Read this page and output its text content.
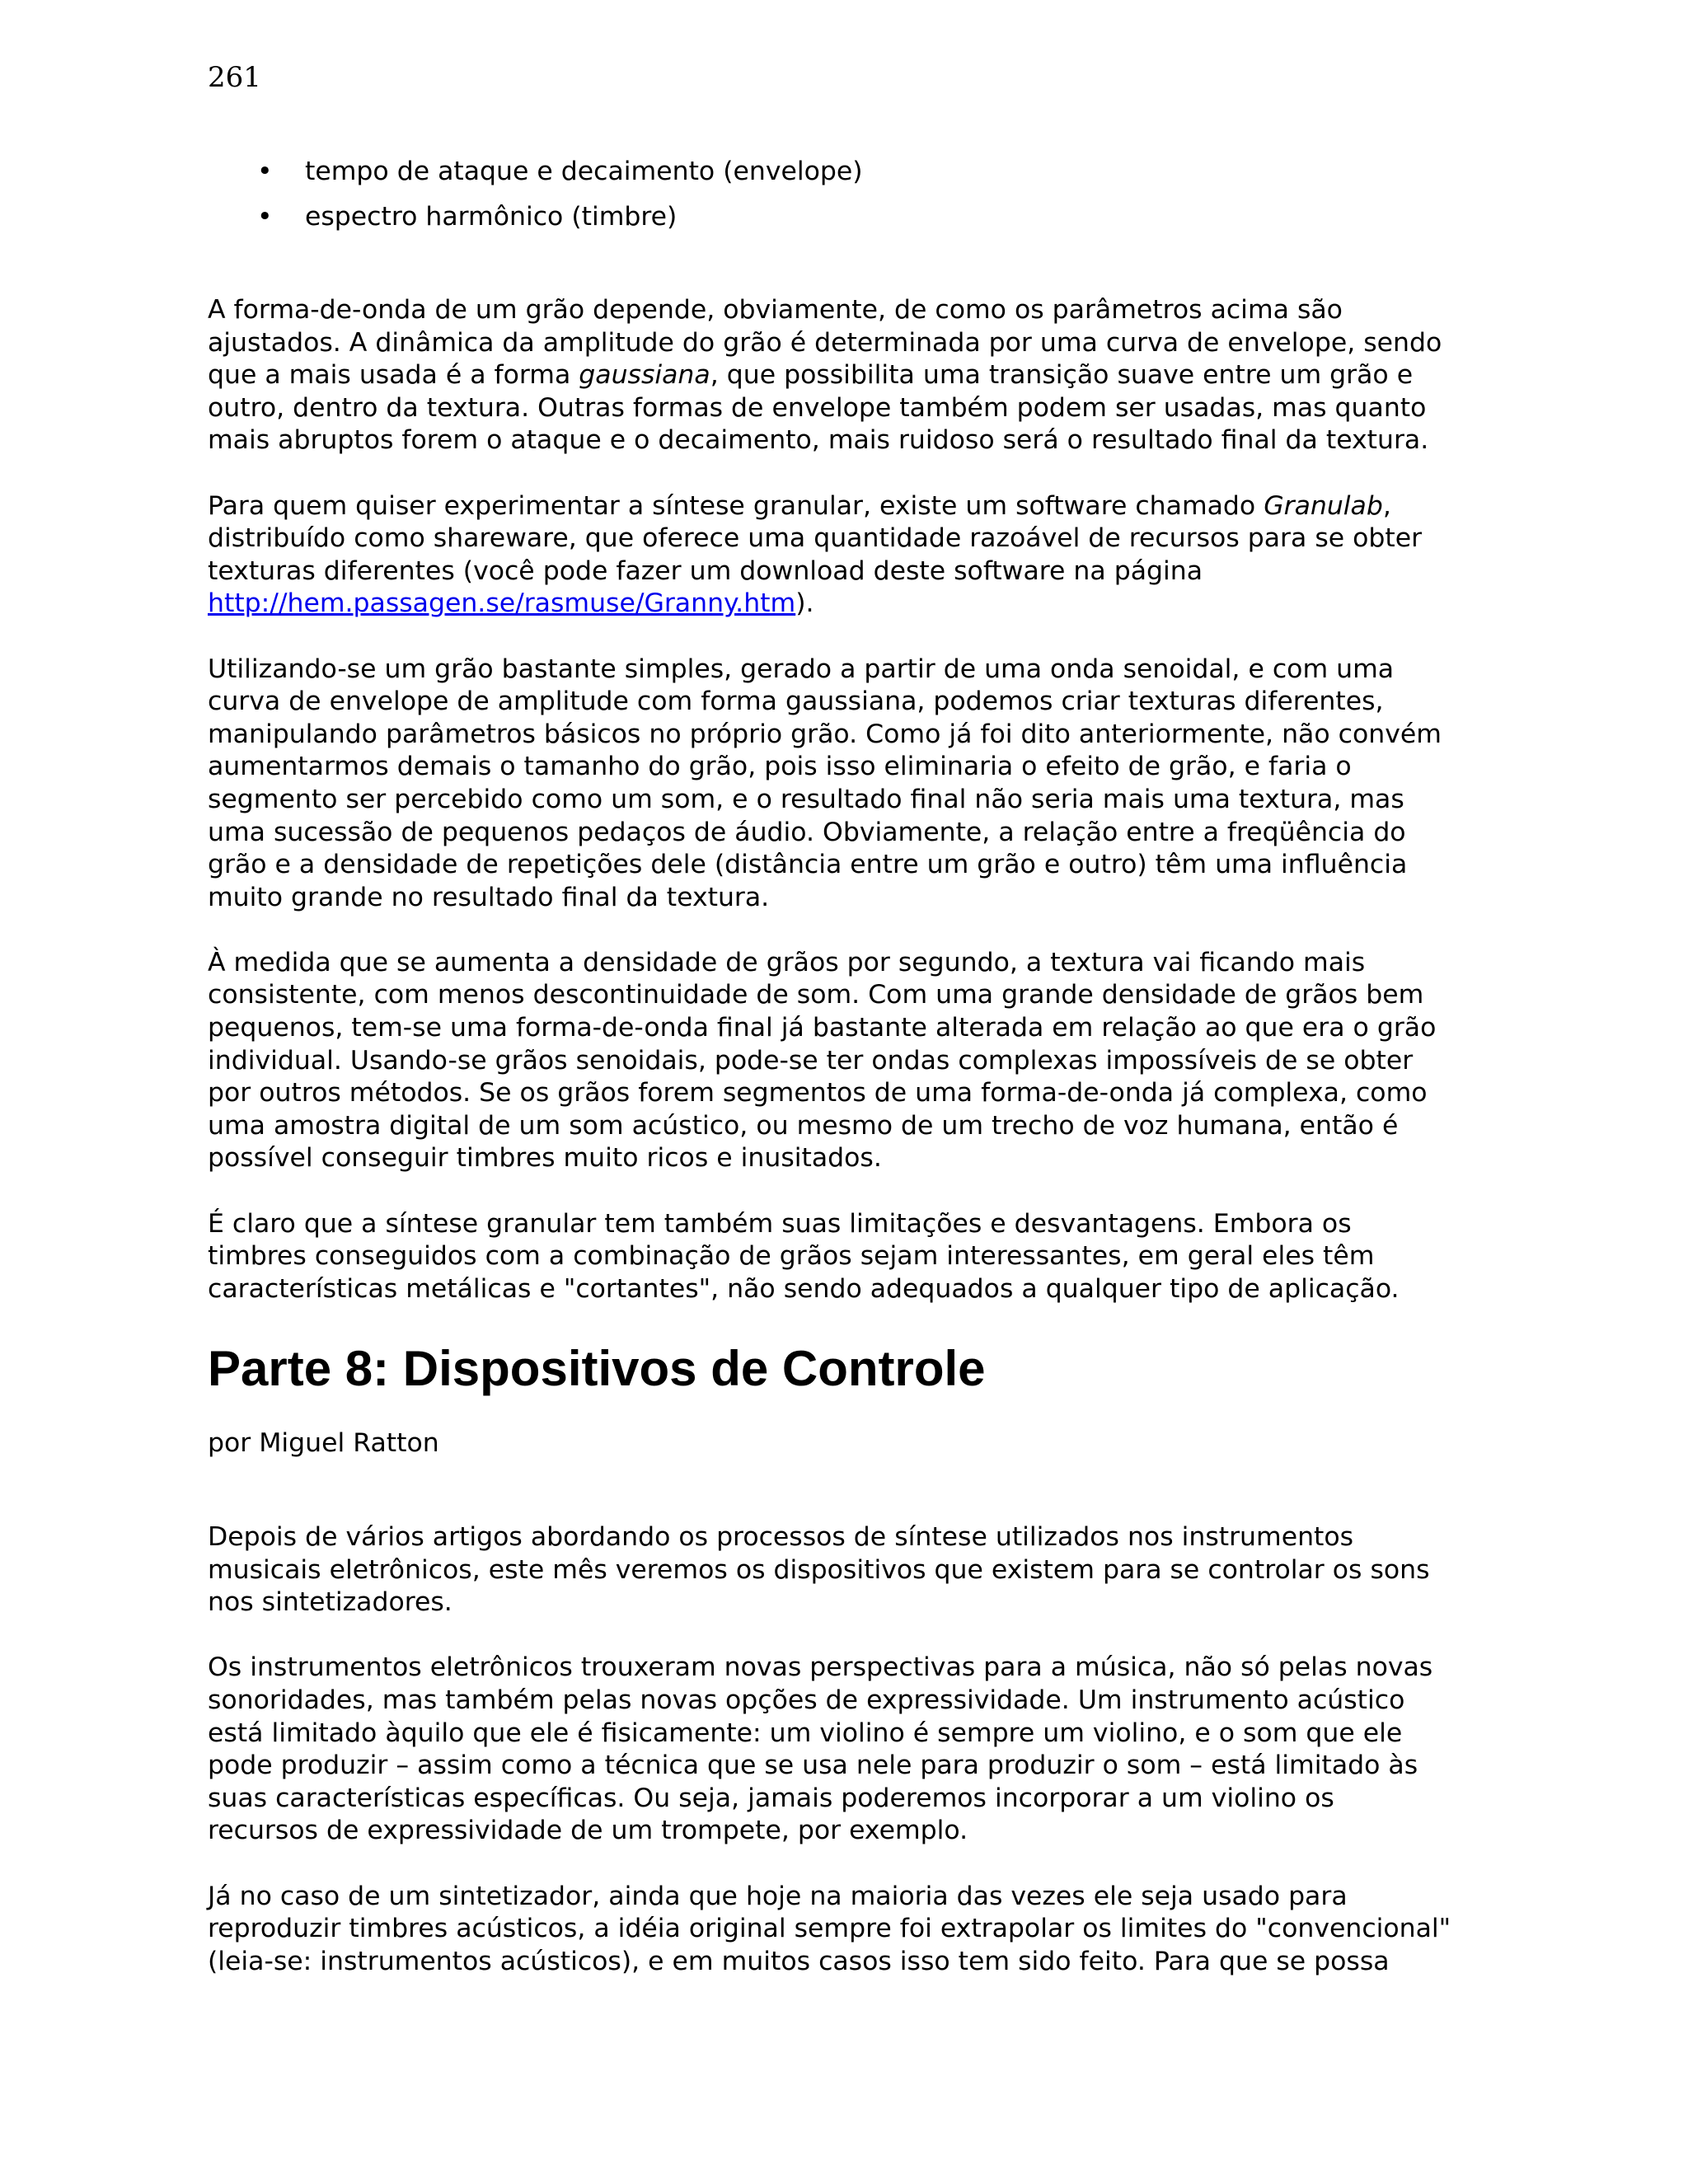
261
• tempo de ataque e decaimento (envelope)
• espectro harmônico (timbre)

A forma-de-onda de um grão depende, obviamente, de como os parâmetros acima são
ajustados. A dinâmica da amplitude do grão é determinada por uma curva de envelope, sendo
que a mais usada é a forma gaussiana, que possibilita uma transição suave entre um grão e
outro, dentro da textura. Outras formas de envelope também podem ser usadas, mas quanto
mais abruptos forem o ataque e o decaimento, mais ruidoso será o resultado final da textura.

Para quem quiser experimentar a síntese granular, existe um software chamado Granulab,
distribuído como shareware, que oferece uma quantidade razoável de recursos para se obter
texturas diferentes (você pode fazer um download deste software na página
http://hem.passagen.se/rasmuse/Granny.htm).

Utilizando-se um grão bastante simples, gerado a partir de uma onda senoidal, e com uma
curva de envelope de amplitude com forma gaussiana, podemos criar texturas diferentes,
manipulando parâmetros básicos no próprio grão. Como já foi dito anteriormente, não convém
aumentarmos demais o tamanho do grão, pois isso eliminaria o efeito de grão, e faria o
segmento ser percebido como um som, e o resultado final não seria mais uma textura, mas
uma sucessão de pequenos pedaços de áudio. Obviamente, a relação entre a freqüência do
grão e a densidade de repetições dele (distância entre um grão e outro) têm uma influência
muito grande no resultado final da textura.

À medida que se aumenta a densidade de grãos por segundo, a textura vai ficando mais
consistente, com menos descontinuidade de som. Com uma grande densidade de grãos bem
pequenos, tem-se uma forma-de-onda final já bastante alterada em relação ao que era o grão
individual. Usando-se grãos senoidais, pode-se ter ondas complexas impossíveis de se obter
por outros métodos. Se os grãos forem segmentos de uma forma-de-onda já complexa, como
uma amostra digital de um som acústico, ou mesmo de um trecho de voz humana, então é
possível conseguir timbres muito ricos e inusitados.

É claro que a síntese granular tem também suas limitações e desvantagens. Embora os
timbres conseguidos com a combinação de grãos sejam interessantes, em geral eles têm
características metálicas e "cortantes", não sendo adequados a qualquer tipo de aplicação.

Parte 8: Dispositivos de Controle

por Miguel Ratton

Depois de vários artigos abordando os processos de síntese utilizados nos instrumentos
musicais eletrônicos, este mês veremos os dispositivos que existem para se controlar os sons
nos sintetizadores.

Os instrumentos eletrônicos trouxeram novas perspectivas para a música, não só pelas novas
sonoridades, mas também pelas novas opções de expressividade. Um instrumento acústico
está limitado àquilo que ele é fisicamente: um violino é sempre um violino, e o som que ele
pode produzir – assim como a técnica que se usa nele para produzir o som – está limitado às
suas características específicas. Ou seja, jamais poderemos incorporar a um violino os
recursos de expressividade de um trompete, por exemplo.

Já no caso de um sintetizador, ainda que hoje na maioria das vezes ele seja usado para
reproduzir timbres acústicos, a idéia original sempre foi extrapolar os limites do "convencional"
(leia-se: instrumentos acústicos), e em muitos casos isso tem sido feito. Para que se possa
